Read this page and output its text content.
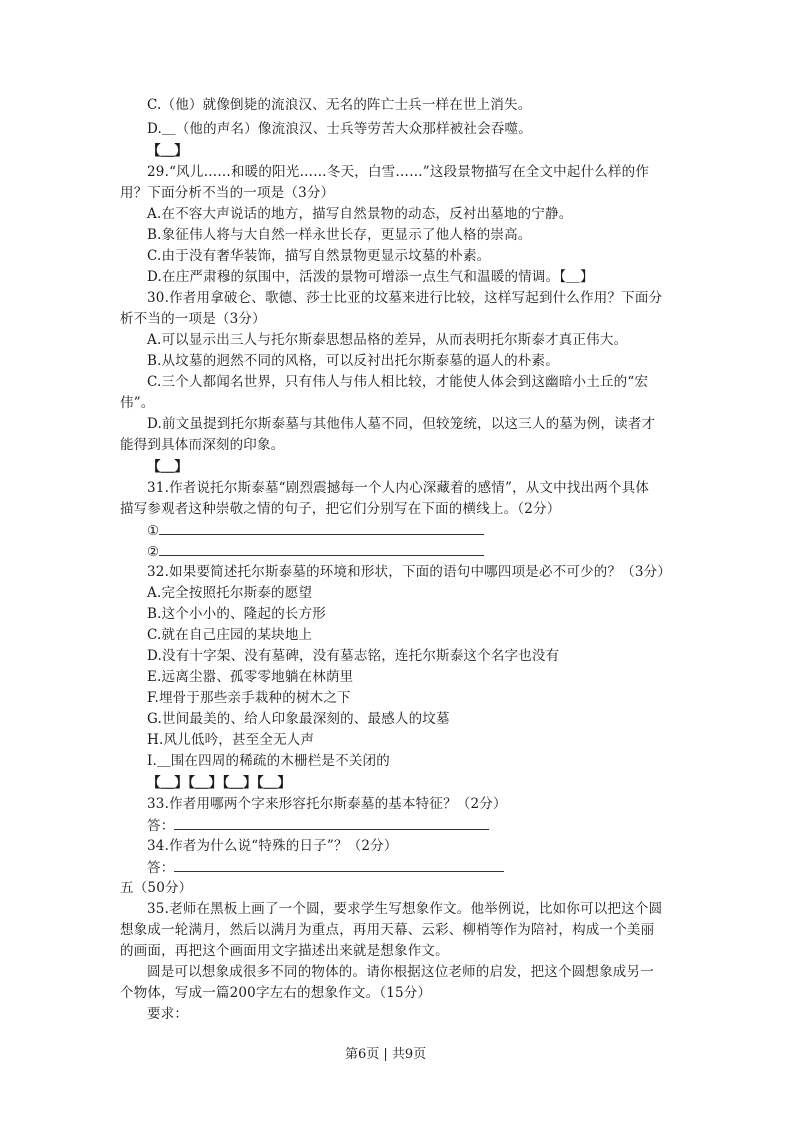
C.（他）就像倒毙的流浪汉、无名的阵亡士兵一样在世上消失。
D.＿（他的声名）像流浪汉、士兵等劳苦大众那样被社会吞噬。
【＿】
29.“风儿……和暖的阳光……冬天，白雪……”这段景物描写在全文中起什么样的作
用？下面分析不当的一项是（3分）
A.在不容大声说话的地方，描写自然景物的动态，反衬出墓地的宁静。
B.象征伟人将与大自然一样永世长存，更显示了他人格的崇高。
C.由于没有奢华装饰，描写自然景物更显示坟墓的朴素。
D.在庄严肃穆的氛围中，活泼的景物可增添一点生气和温暖的情调。【＿】
30.作者用拿破仑、歌德、莎士比亚的坟墓来进行比较，这样写起到什么作用？下面分
析不当的一项是（3分）
A.可以显示出三人与托尔斯泰思想品格的差异，从而表明托尔斯泰才真正伟大。
B.从坟墓的迥然不同的风格，可以反衬出托尔斯泰墓的逼人的朴素。
C.三个人都闻名世界，只有伟人与伟人相比较，才能使人体会到这幽暗小土丘的“宏
伟”。
D.前文虽提到托尔斯泰墓与其他伟人墓不同，但较笼统，以这三人的墓为例，读者才
能得到具体而深刻的印象。
【＿】
31.作者说托尔斯泰墓“剧烈震撼每一个人内心深藏着的感情”，从文中找出两个具体
描写参观者这种崇敬之情的句子，把它们分别写在下面的横线上。（2分）
①
②
32.如果要简述托尔斯泰墓的环境和形状，下面的语句中哪四项是必不可少的？（3分）
A.完全按照托尔斯泰的愿望
B.这个小小的、隆起的长方形
C.就在自己庄园的某块地上
D.没有十字架、没有墓碑，没有墓志铭，连托尔斯泰这个名字也没有
E.远离尘嚣、孤零零地躺在林荫里
F.埋骨于那些亲手栽种的树木之下
G.世间最美的、给人印象最深刻的、最感人的坟墓
H.风儿低吟，甚至全无人声
I.＿围在四周的稀疏的木栅栏是不关闭的
【＿】【＿】【＿】【＿】
33.作者用哪两个字来形容托尔斯泰墓的基本特征？（2分）
答：
34.作者为什么说“特殊的日子”？（2分）
答：
五（50分）
35.老师在黑板上画了一个圆，要求学生写想象作文。他举例说，比如你可以把这个圆
想象成一轮满月，然后以满月为重点，再用天幕、云彩、柳梢等作为陪衬，构成一个美丽
的画面，再把这个画面用文字描述出来就是想象作文。
圆是可以想象成很多不同的物体的。请你根据这位老师的启发，把这个圆想象成另一
个物体，写成一篇200字左右的想象作文。（15分）
要求：
第6页 | 共9页
